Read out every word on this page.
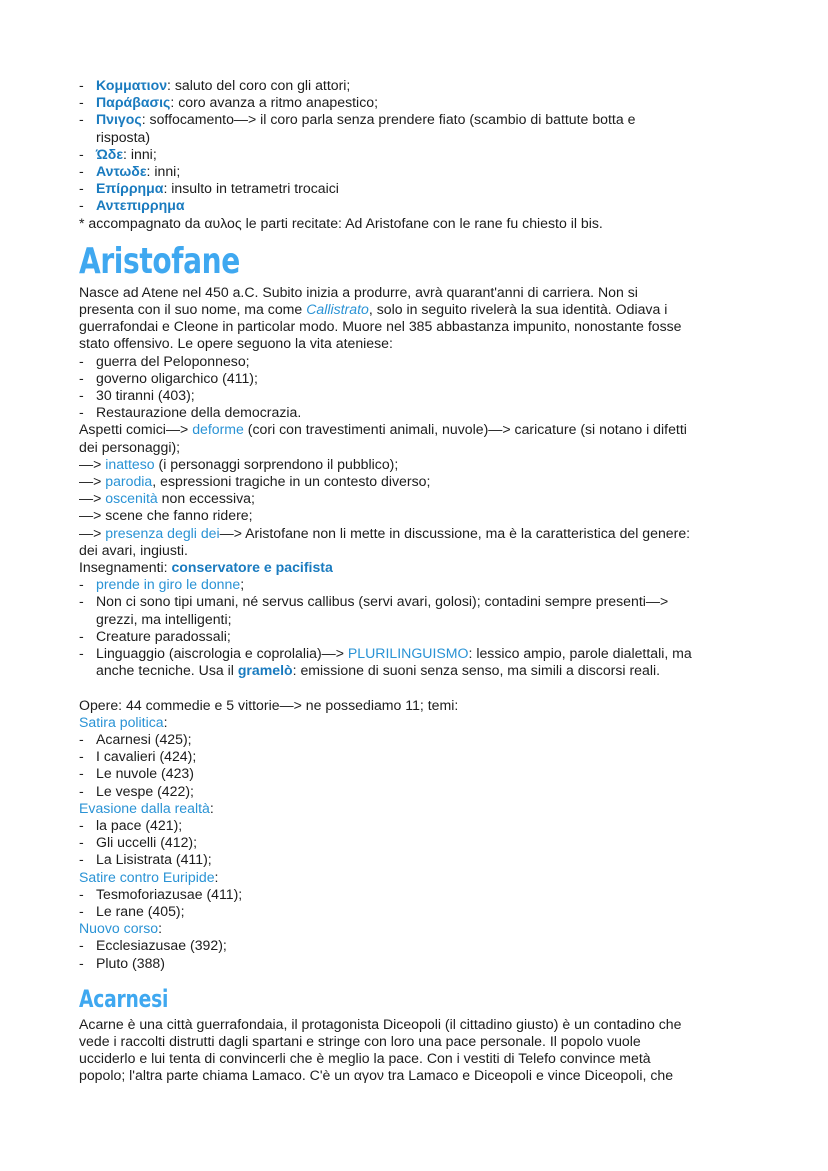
- Κομματιον: saluto del coro con gli attori;
- Παράβασις: coro avanza a ritmo anapestico;
- Πνιγος: soffocamento—> il coro parla senza prendere fiato (scambio di battute botta e
risposta)
- Ώδε: inni;
- Αντωδε: inni;
- Επίρρημα: insulto in tetrametri trocaici
- Αντεπιρρημα
* accompagnato da αυλος le parti recitate: Ad Aristofane con le rane fu chiesto il bis.
Aristofane
Nasce ad Atene nel 450 a.C. Subito inizia a produrre, avrà quarant'anni di carriera. Non si
presenta con il suo nome, ma come Callistrato, solo in seguito rivelerà la sua identità. Odiava i
guerrafondai e Cleone in particolar modo. Muore nel 385 abbastanza impunito, nonostante fosse
stato offensivo. Le opere seguono la vita ateniese:
- guerra del Peloponneso;
- governo oligarchico (411);
- 30 tiranni (403);
- Restaurazione della democrazia.
Aspetti comici—> deforme (cori con travestimenti animali, nuvole)—> caricature (si notano i difetti
dei personaggi);
—> inatteso (i personaggi sorprendono il pubblico);
—> parodia, espressioni tragiche in un contesto diverso;
—> oscenità non eccessiva;
—> scene che fanno ridere;
—> presenza degli dei—> Aristofane non li mette in discussione, ma è la caratteristica del genere:
dei avari, ingiusti.
Insegnamenti: conservatore e pacifista
- prende in giro le donne;
- Non ci sono tipi umani, né servus callibus (servi avari, golosi); contadini sempre presenti—>
grezzi, ma intelligenti;
- Creature paradossali;
- Linguaggio (aiscrologia e coprolalia)—> PLURILINGUISMO: lessico ampio, parole dialettali, ma
anche tecniche. Usa il gramelò: emissione di suoni senza senso, ma simili a discorsi reali.
Opere: 44 commedie e 5 vittorie—> ne possediamo 11; temi:
Satira politica:
- Acarnesi (425);
- I cavalieri (424);
- Le nuvole (423)
- Le vespe (422);
Evasione dalla realtà:
- la pace (421);
- Gli uccelli (412);
- La Lisistrata (411);
Satire contro Euripide:
- Tesmoforiazusae (411);
- Le rane (405);
Nuovo corso:
- Ecclesiazusae (392);
- Pluto (388)
Acarnesi
Acarne è una città guerrafondaia, il protagonista Diceopoli (il cittadino giusto) è un contadino che
vede i raccolti distrutti dagli spartani e stringe con loro una pace personale. Il popolo vuole
ucciderlo e lui tenta di convincerli che è meglio la pace. Con i vestiti di Telefo convince metà
popolo; l'altra parte chiama Lamaco. C'è un αγον tra Lamaco e Diceopoli e vince Diceopoli, che
